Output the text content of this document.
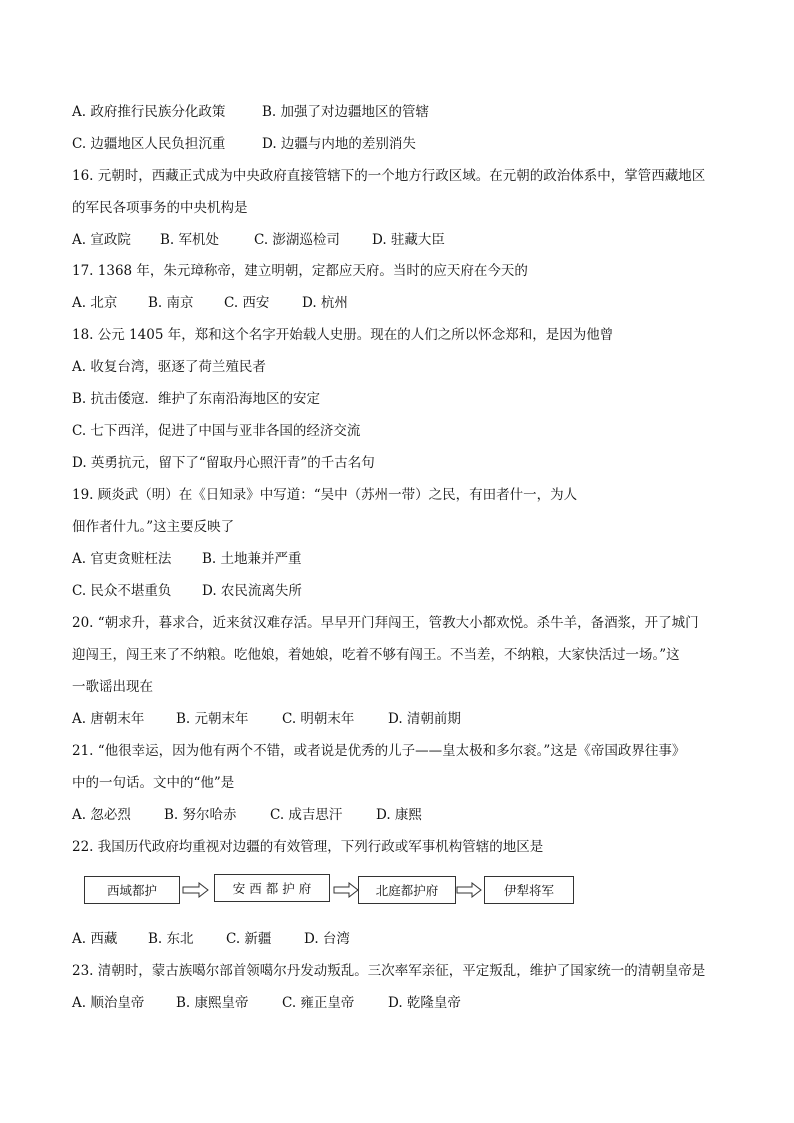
A. 政府推行民族分化政策	B. 加强了对边疆地区的管辖
C. 边疆地区人民负担沉重	D. 边疆与内地的差别消失
16. 元朝时，西藏正式成为中央政府直接管辖下的一个地方行政区域。在元朝的政治体系中，掌管西藏地区
的军民各项事务的中央机构是
A. 宣政院 B. 军机处	C. 澎湖巡检司 D. 驻藏大臣
17. 1368 年，朱元璋称帝，建立明朝，定都应天府。当时的应天府在今天的
A. 北京 B. 南京 C. 西安 D. 杭州
18. 公元 1405 年，郑和这个名字开始载人史册。现在的人们之所以怀念郑和，是因为他曾
A. 收复台湾，驱逐了荷兰殖民者
B. 抗击倭寇．维护了东南沿海地区的安定
C. 七下西洋，促进了中国与亚非各国的经济交流
D. 英勇抗元，留下了“留取丹心照汗青”的千古名句
19. 顾炎武（明）在《日知录》中写道：“吴中（苏州一带）之民，有田者什一，为人
佃作者什九。”这主要反映了
A. 官吏贪赃枉法 B. 土地兼并严重
C. 民众不堪重负 D. 农民流离失所
20. “朝求升，暮求合，近来贫汉难存活。早早开门拜闯王，管教大小都欢悦。杀牛羊，备酒浆，开了城门
迎闯王，闯王来了不纳粮。吃他娘，着她娘，吃着不够有闯王。不当差，不纳粮，大家快活过一场。”这
一歌谣出现在
A. 唐朝末年 B. 元朝末年 C. 明朝末年 D. 清朝前期
21. “他很幸运，因为他有两个不错，或者说是优秀的儿子——皇太极和多尔衮。”这是《帝国政界往事》
中的一句话。文中的“他”是
A. 忽必烈 B. 努尔哈赤 C. 成吉思汗 D. 康熙
22. 我国历代政府均重视对边疆的有效管理，下列行政或军事机构管辖的地区是
西域都护	安 西 都 护 府	北庭都护府	伊犁将军
A. 西藏 B. 东北 C. 新疆 D. 台湾
23. 清朝时，蒙古族噶尔部首领噶尔丹发动叛乱。三次率军亲征，平定叛乱，维护了国家统一的清朝皇帝是
A. 顺治皇帝 B. 康熙皇帝 C. 雍正皇帝 D. 乾隆皇帝
